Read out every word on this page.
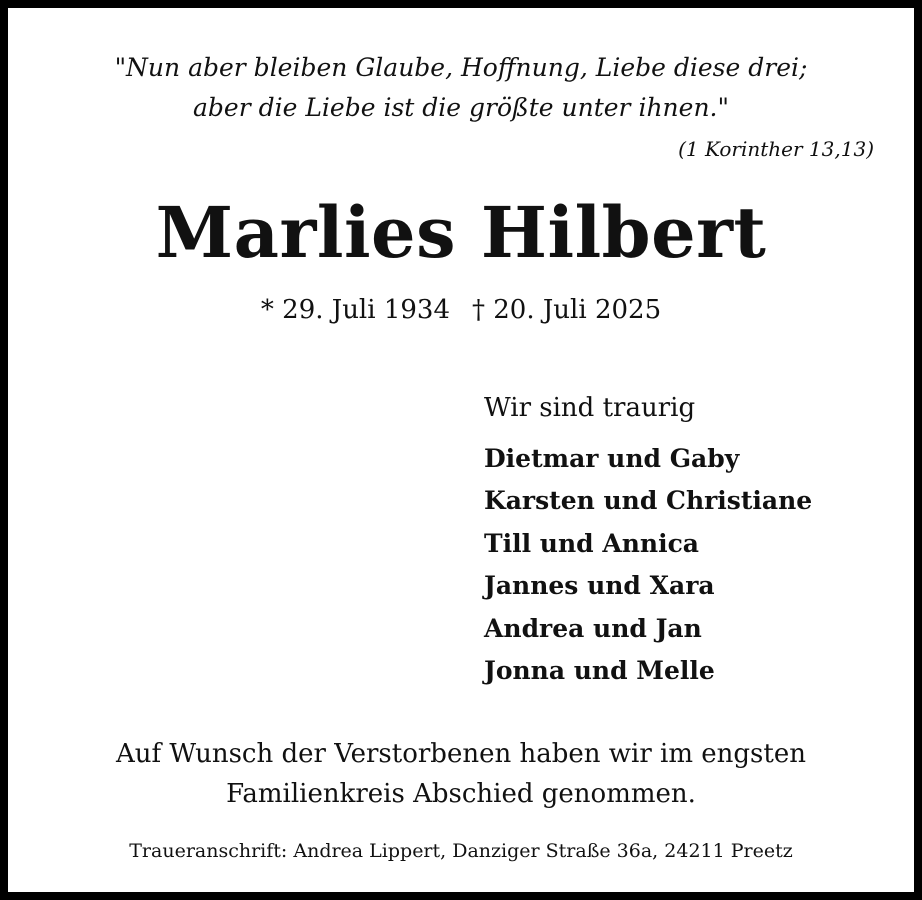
"Nun aber bleiben Glaube, Hoffnung, Liebe diese drei;
aber die Liebe ist die größte unter ihnen."
(1 Korinther 13,13)
Marlies Hilbert
* 29. Juli 1934 † 20. Juli 2025
Wir sind traurig
Dietmar und Gaby
Karsten und Christiane
Till und Annica
Jannes und Xara
Andrea und Jan
Jonna und Melle
Auf Wunsch der Verstorbenen haben wir im engsten
Familienkreis Abschied genommen.
Traueranschrift: Andrea Lippert, Danziger Straße 36a, 24211 Preetz
